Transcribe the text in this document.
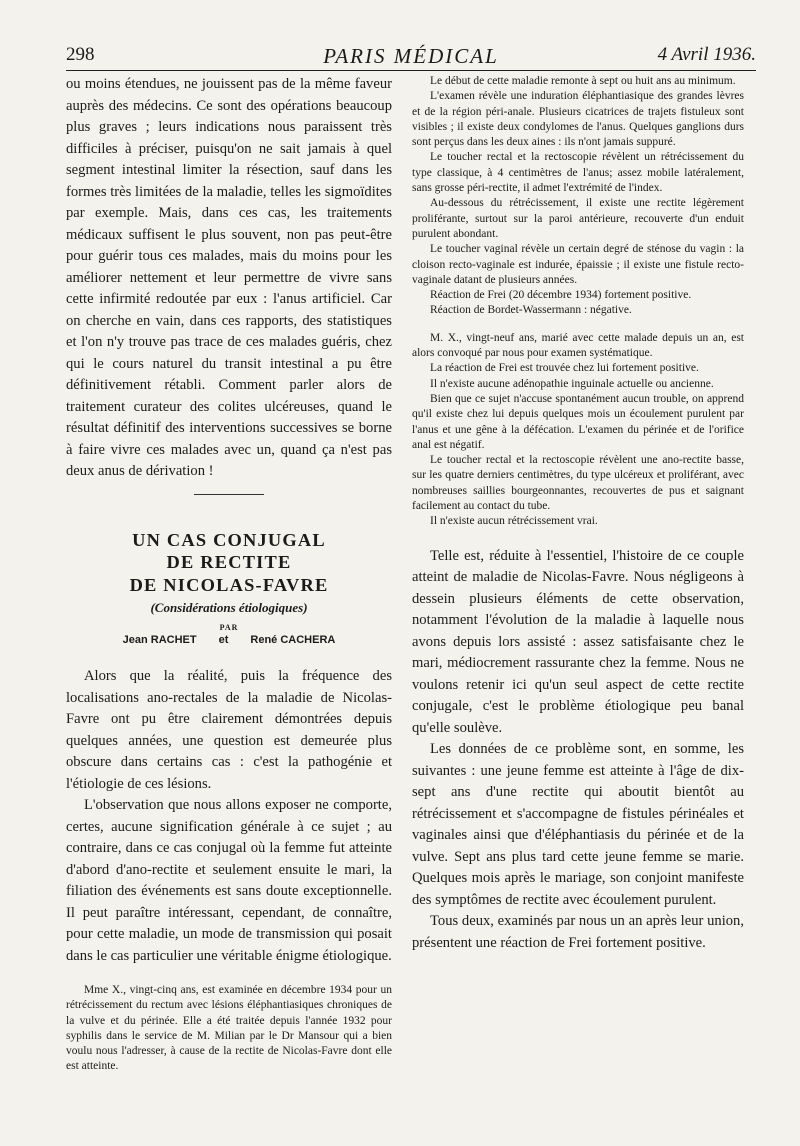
298	PARIS MÉDICAL	4 Avril 1936.

ou moins étendues, ne jouissent pas de la même faveur auprès des médecins. Ce sont des opérations beaucoup plus graves ; leurs indications nous paraissent très difficiles à préciser, puisqu'on ne sait jamais à quel segment intestinal limiter la résection, sauf dans les formes très limitées de la maladie, telles les sigmoïdites par exemple. Mais, dans ces cas, les traitements médicaux suffisent le plus souvent, non pas peut-être pour guérir tous ces malades, mais du moins pour les améliorer nettement et leur permettre de vivre sans cette infirmité redoutée par eux : l'anus artificiel. Car on cherche en vain, dans ces rapports, des statistiques et l'on n'y trouve pas trace de ces malades guéris, chez qui le cours naturel du transit intestinal a pu être définitivement rétabli. Comment parler alors de traitement curateur des colites ulcéreuses, quand le résultat définitif des interventions successives se borne à faire vivre ces malades avec un, quand ça n'est pas deux anus de dérivation !

UN CAS CONJUGAL

DE RECTITE

DE NICOLAS-FAVRE

(Considérations étiologiques)

PAR

Jean RACHET et René CACHERA

Alors que la réalité, puis la fréquence des localisations ano-rectales de la maladie de Nicolas-Favre ont pu être clairement démontrées depuis quelques années, une question est demeurée plus obscure dans certains cas : c'est la pathogénie et l'étiologie de ces lésions.

L'observation que nous allons exposer ne comporte, certes, aucune signification générale à ce sujet ; au contraire, dans ce cas conjugal où la femme fut atteinte d'abord d'ano-rectite et seulement ensuite le mari, la filiation des événements est sans doute exceptionnelle. Il peut paraître intéressant, cependant, de connaître, pour cette maladie, un mode de transmission qui posait dans le cas particulier une véritable énigme étiologique.

Mme X., vingt-cinq ans, est examinée en décembre 1934 pour un rétrécissement du rectum avec lésions éléphantiasiques chroniques de la vulve et du périnée. Elle a été traitée depuis l'année 1932 pour syphilis dans le service de M. Milian par le Dr Mansour qui a bien voulu nous l'adresser, à cause de la rectite de Nicolas-Favre dont elle est atteinte.

Le début de cette maladie remonte à sept ou huit ans au minimum.

L'examen révèle une induration éléphantiasique des grandes lèvres et de la région péri-anale. Plusieurs cicatrices de trajets fistuleux sont visibles ; il existe deux condylomes de l'anus. Quelques ganglions durs sont perçus dans les deux aines : ils n'ont jamais suppuré.

Le toucher rectal et la rectoscopie révèlent un rétrécissement du type classique, à 4 centimètres de l'anus; assez mobile latéralement, sans grosse péri-rectite, il admet l'extrémité de l'index.

Au-dessous du rétrécissement, il existe une rectite légèrement proliférante, surtout sur la paroi antérieure, recouverte d'un enduit purulent abondant.

Le toucher vaginal révèle un certain degré de sténose du vagin : la cloison recto-vaginale est indurée, épaissie ; il existe une fistule recto-vaginale datant de plusieurs années.

Réaction de Frei (20 décembre 1934) fortement positive.

Réaction de Bordet-Wassermann : négative.

M. X., vingt-neuf ans, marié avec cette malade depuis un an, est alors convoqué par nous pour examen systématique.

La réaction de Frei est trouvée chez lui fortement positive.

Il n'existe aucune adénopathie inguinale actuelle ou ancienne.

Bien que ce sujet n'accuse spontanément aucun trouble, on apprend qu'il existe chez lui depuis quelques mois un écoulement purulent par l'anus et une gêne à la défécation. L'examen du périnée et de l'orifice anal est négatif.

Le toucher rectal et la rectoscopie révèlent une ano-rectite basse, sur les quatre derniers centimètres, du type ulcéreux et proliférant, avec nombreuses saillies bourgeonnantes, recouvertes de pus et saignant facilement au contact du tube.

Il n'existe aucun rétrécissement vrai.

Telle est, réduite à l'essentiel, l'histoire de ce couple atteint de maladie de Nicolas-Favre. Nous négligeons à dessein plusieurs éléments de cette observation, notamment l'évolution de la maladie à laquelle nous avons depuis lors assisté : assez satisfaisante chez le mari, médiocrement rassurante chez la femme. Nous ne voulons retenir ici qu'un seul aspect de cette rectite conjugale, c'est le problème étiologique peu banal qu'elle soulève.

Les données de ce problème sont, en somme, les suivantes : une jeune femme est atteinte à l'âge de dix-sept ans d'une rectite qui aboutit bientôt au rétrécissement et s'accompagne de fistules périnéales et vaginales ainsi que d'éléphantiasis du périnée et de la vulve. Sept ans plus tard cette jeune femme se marie. Quelques mois après le mariage, son conjoint manifeste des symptômes de rectite avec écoulement purulent.

Tous deux, examinés par nous un an après leur union, présentent une réaction de Frei fortement positive.
